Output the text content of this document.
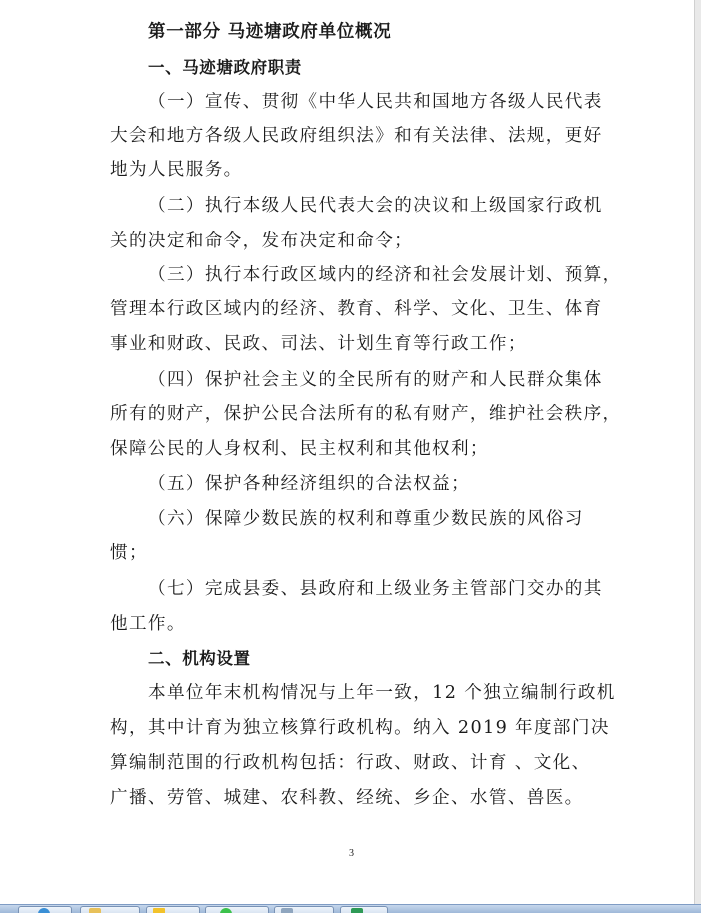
第一部分 马迹塘政府单位概况
一、马迹塘政府职责
（一）宣传、贯彻《中华人民共和国地方各级人民代表
大会和地方各级人民政府组织法》和有关法律、法规，更好
地为人民服务。
（二）执行本级人民代表大会的决议和上级国家行政机
关的决定和命令，发布决定和命令；
（三）执行本行政区域内的经济和社会发展计划、预算，
管理本行政区域内的经济、教育、科学、文化、卫生、体育
事业和财政、民政、司法、计划生育等行政工作；
（四）保护社会主义的全民所有的财产和人民群众集体
所有的财产，保护公民合法所有的私有财产，维护社会秩序，
保障公民的人身权利、民主权利和其他权利；
（五）保护各种经济组织的合法权益；
（六）保障少数民族的权利和尊重少数民族的风俗习
惯；
（七）完成县委、县政府和上级业务主管部门交办的其
他工作。
二、机构设置
本单位年末机构情况与上年一致，12 个独立编制行政机
构，其中计育为独立核算行政机构。纳入 2019 年度部门决
算编制范围的行政机构包括：行政、财政、计育 、文化、
广播、劳管、城建、农科教、经统、乡企、水管、兽医。
3
